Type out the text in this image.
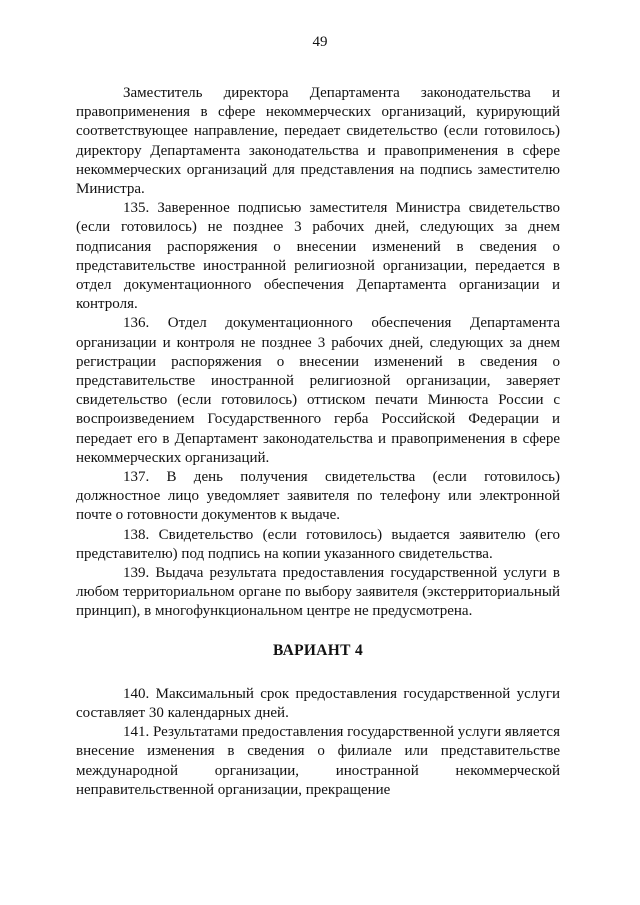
49

Заместитель директора Департамента законодательства и правоприменения в сфере некоммерческих организаций, курирующий соответствующее направление, передает свидетельство (если готовилось) директору Департамента законодательства и правоприменения в сфере некоммерческих организаций для представления на подпись заместителю Министра.

135. Заверенное подписью заместителя Министра свидетельство (если готовилось) не позднее 3 рабочих дней, следующих за днем подписания распоряжения о внесении изменений в сведения о представительстве иностранной религиозной организации, передается в отдел документационного обеспечения Департамента организации и контроля.

136. Отдел документационного обеспечения Департамента организации и контроля не позднее 3 рабочих дней, следующих за днем регистрации распоряжения о внесении изменений в сведения о представительстве иностранной религиозной организации, заверяет свидетельство (если готовилось) оттиском печати Минюста России с воспроизведением Государственного герба Российской Федерации и передает его в Департамент законодательства и правоприменения в сфере некоммерческих организаций.

137. В день получения свидетельства (если готовилось) должностное лицо уведомляет заявителя по телефону или электронной почте о готовности документов к выдаче.

138. Свидетельство (если готовилось) выдается заявителю (его представителю) под подпись на копии указанного свидетельства.

139. Выдача результата предоставления государственной услуги в любом территориальном органе по выбору заявителя (экстерриториальный принцип), в многофункциональном центре не предусмотрена.

ВАРИАНТ 4

140. Максимальный срок предоставления государственной услуги составляет 30 календарных дней.

141. Результатами предоставления государственной услуги является внесение изменения в сведения о филиале или представительстве международной организации, иностранной некоммерческой неправительственной организации, прекращение
